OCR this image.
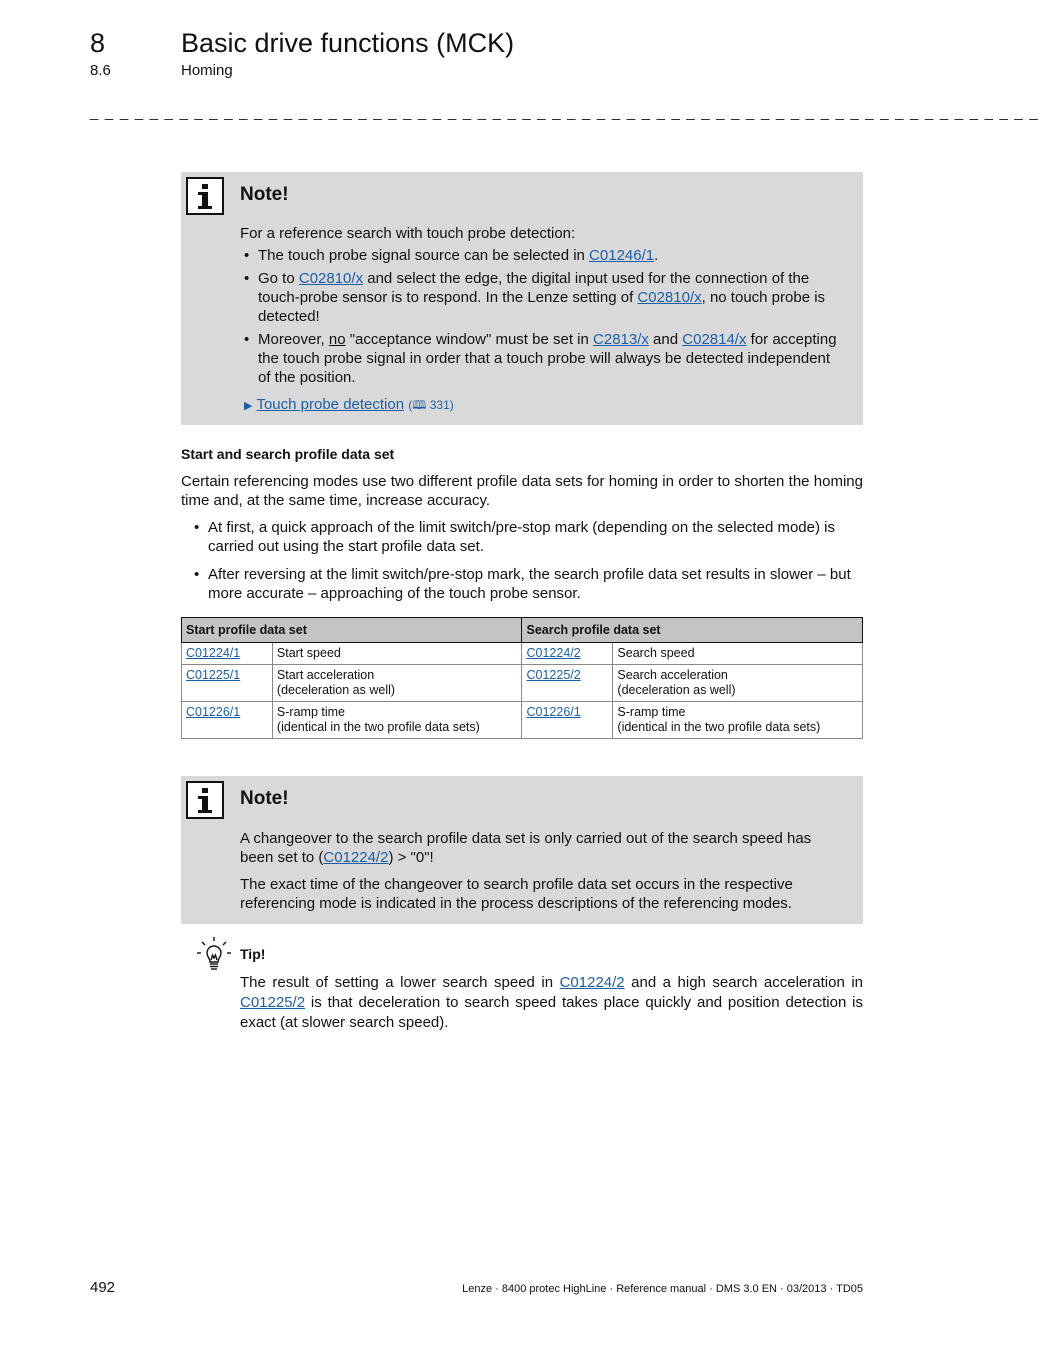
8	Basic drive functions (MCK)
8.6	Homing
_ _ _ _ _ _ _ _ _ _ _ _ _ _ _ _ _ _ _ _ _ _ _ _ _ _ _ _ _ _ _ _ _ _ _ _ _ _ _ _ _ _ _ _ _ _ _ _ _ _ _ _ _ _ _ _ _ _ _ _ _ _ _ _
Note!
For a reference search with touch probe detection:
• The touch probe signal source can be selected in C01246/1.
• Go to C02810/x and select the edge, the digital input used for the connection of the touch-probe sensor is to respond. In the Lenze setting of C02810/x, no touch probe is detected!
• Moreover, no "acceptance window" must be set in C2813/x and C02814/x for accepting the touch probe signal in order that a touch probe will always be detected independent of the position.
▶ Touch probe detection (🕮 331)
Start and search profile data set
Certain referencing modes use two different profile data sets for homing in order to shorten the homing time and, at the same time, increase accuracy.
• At first, a quick approach of the limit switch/pre-stop mark (depending on the selected mode) is carried out using the start profile data set.
• After reversing at the limit switch/pre-stop mark, the search profile data set results in slower – but more accurate – approaching of the touch probe sensor.
Start profile data set		Search profile data set	
C01224/1	Start speed	C01224/2	Search speed

C01225/1	Start acceleration
(deceleration as well)	C01225/2	Search acceleration
(deceleration as well)

C01226/1	S-ramp time
(identical in the two profile data sets)	C01226/1	S-ramp time
(identical in the two profile data sets)
Note!
A changeover to the search profile data set is only carried out of the search speed has been set to (C01224/2) > "0"!
The exact time of the changeover to search profile data set occurs in the respective referencing mode is indicated in the process descriptions of the referencing modes.
Tip!
The result of setting a lower search speed in C01224/2 and a high search acceleration in C01225/2 is that deceleration to search speed takes place quickly and position detection is exact (at slower search speed).
492	Lenze · 8400 protec HighLine · Reference manual · DMS 3.0 EN · 03/2013 · TD05
